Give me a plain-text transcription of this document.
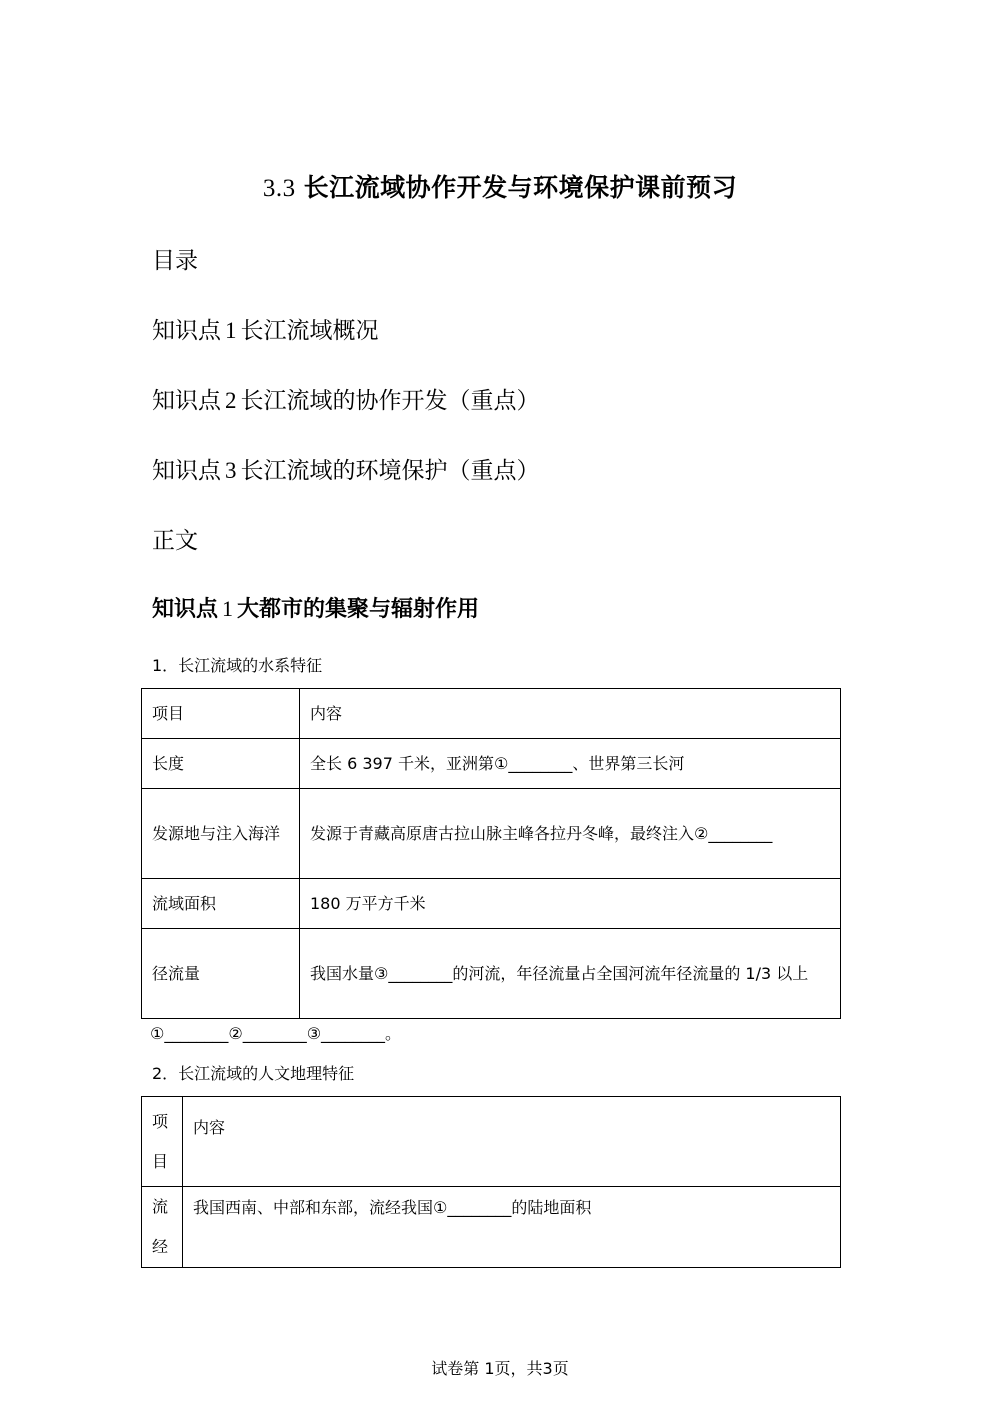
3.3 长江流域协作开发与环境保护课前预习
目录
知识点 1 长江流域概况
知识点 2 长江流域的协作开发（重点）
知识点 3 长江流域的环境保护（重点）
正文
知识点 1 大都市的集聚与辐射作用
1．长江流域的水系特征
项目	内容
长度	全长 6 397 千米，亚洲第①________、世界第三长河
发源地与注入海洋	发源于青藏高原唐古拉山脉主峰各拉丹冬峰，最终注入②________
流域面积	180 万平方千米
径流量	我国水量③________的河流，年径流量占全国河流年径流量的 1/3 以上
①________②________③________。
2．长江流域的人文地理特征
项目	内容
流经	我国西南、中部和东部，流经我国①________的陆地面积
试卷第 1页，共3页
